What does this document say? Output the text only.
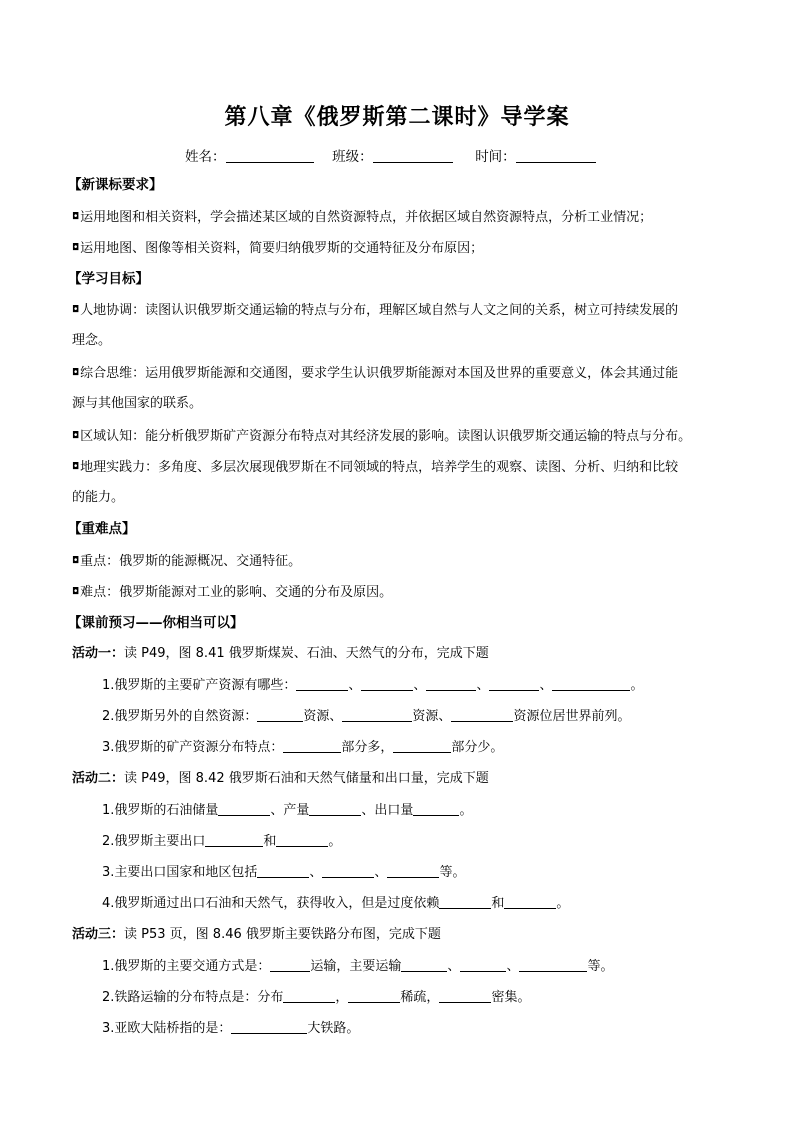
第八章《俄罗斯第二课时》导学案
姓名：	班级：	时间：
【新课标要求】
◘运用地图和相关资料，学会描述某区域的自然资源特点，并依据区域自然资源特点，分析工业情况；
◘运用地图、图像等相关资料，简要归纳俄罗斯的交通特征及分布原因；
【学习目标】
◘人地协调：读图认识俄罗斯交通运输的特点与分布，理解区域自然与人文之间的关系，树立可持续发展的
理念。
◘综合思维：运用俄罗斯能源和交通图，要求学生认识俄罗斯能源对本国及世界的重要意义，体会其通过能
源与其他国家的联系。
◘区域认知：能分析俄罗斯矿产资源分布特点对其经济发展的影响。读图认识俄罗斯交通运输的特点与分布。
◘地理实践力：多角度、多层次展现俄罗斯在不同领域的特点，培养学生的观察、读图、分析、归纳和比较
的能力。
【重难点】
◘重点：俄罗斯的能源概况、交通特征。
◘难点：俄罗斯能源对工业的影响、交通的分布及原因。
【课前预习——你相当可以】
活动一：读 P49，图 8.41 俄罗斯煤炭、石油、天然气的分布，完成下题
1.俄罗斯的主要矿产资源有哪些：	、	、	、	、	。
2.俄罗斯另外的自然资源：	资源、	资源、	资源位居世界前列。
3.俄罗斯的矿产资源分布特点：	部分多，	部分少。
活动二：读 P49，图 8.42 俄罗斯石油和天然气储量和出口量，完成下题
1.俄罗斯的石油储量	、产量	、出口量	。
2.俄罗斯主要出口	和	。
3.主要出口国家和地区包括	、	、	等。
4.俄罗斯通过出口石油和天然气，获得收入，但是过度依赖	和	。
活动三：读 P53 页，图 8.46 俄罗斯主要铁路分布图，完成下题
1.俄罗斯的主要交通方式是：	运输，主要运输	、	、	等。
2.铁路运输的分布特点是：分布	，	稀疏，	密集。
3.亚欧大陆桥指的是：	大铁路。
